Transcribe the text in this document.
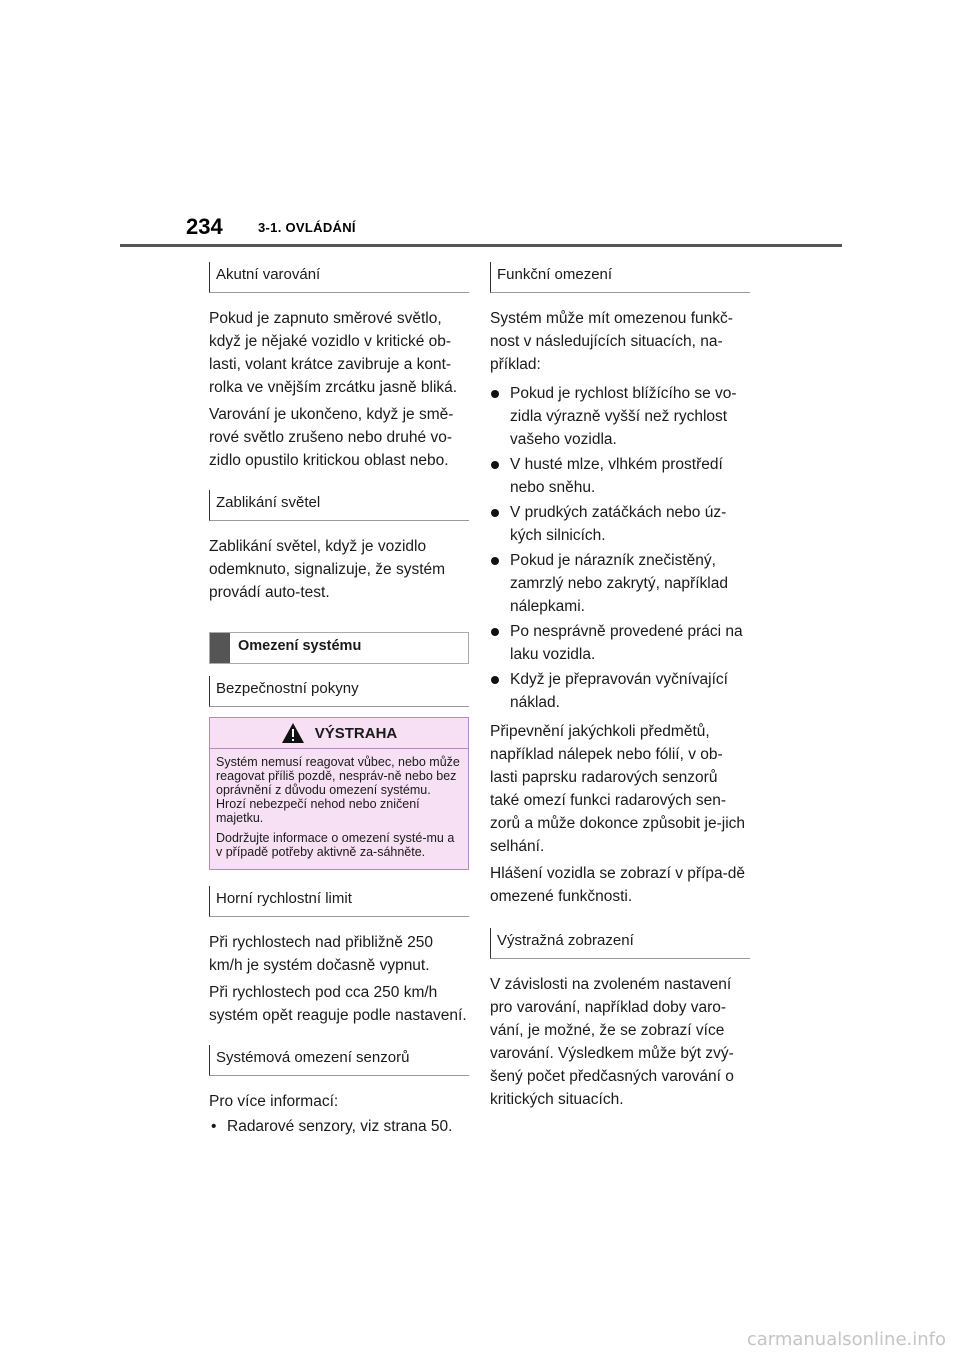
234	3-1. OVLÁDÁNÍ
Akutní varování

Pokud je zapnuto směrové světlo, když je nějaké vozidlo v kritické ob-lasti, volant krátce zavibruje a kont-rolka ve vnějším zrcátku jasně bliká.

Varování je ukončeno, když je smě-rové světlo zrušeno nebo druhé vo-zidlo opustilo kritickou oblast nebo.

Zablikání světel

Zablikání světel, když je vozidlo odemknuto, signalizuje, že systém provádí auto-test.

Omezení systému
Bezpečnostní pokyny
VÝSTRAHA

Systém nemusí reagovat vůbec, nebo může reagovat příliš pozdě, nespráv-ně nebo bez oprávnění z důvodu omezení systému. Hrozí nebezpečí nehod nebo zničení majetku.

Dodržujte informace o omezení systé-mu a v případě potřeby aktivně za-sáhněte.

Horní rychlostní limit

Při rychlostech nad přibližně 250 km/h je systém dočasně vypnut.

Při rychlostech pod cca 250 km/h systém opět reaguje podle nastavení.

Systémová omezení senzorů

Pro více informací:

• Radarové senzory, viz strana 50.
Funkční omezení

Systém může mít omezenou funkč-nost v následujících situacích, na-příklad:

Pokud je rychlost blížícího se vo-zidla výrazně vyšší než rychlost vašeho vozidla.
V husté mlze, vlhkém prostředí nebo sněhu.
V prudkých zatáčkách nebo úz-kých silnicích.
Pokud je nárazník znečistěný, zamrzlý nebo zakrytý, například nálepkami.
Po nesprávně provedené práci na laku vozidla.
Když je přepravován vyčnívající náklad.

Připevnění jakýchkoli předmětů, například nálepek nebo fólií, v ob-lasti paprsku radarových senzorů také omezí funkci radarových sen-zorů a může dokonce způsobit je-jich selhání.

Hlášení vozidla se zobrazí v přípa-dě omezené funkčnosti.

Výstražná zobrazení

V závislosti na zvoleném nastavení pro varování, například doby varo-vání, je možné, že se zobrazí více varování. Výsledkem může být zvý-šený počet předčasných varování o kritických situacích.

carmanualsonline.info
